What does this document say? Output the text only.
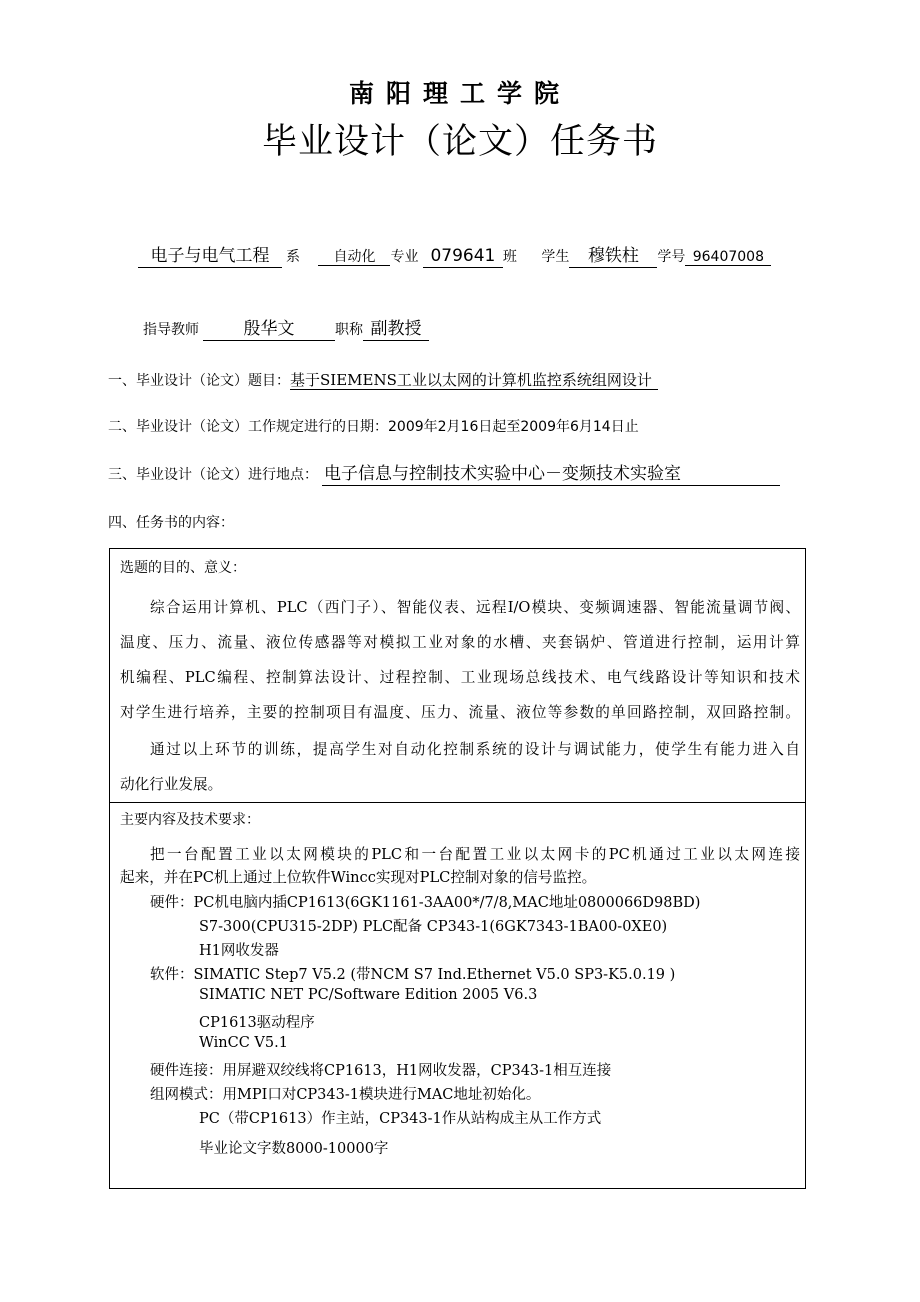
南阳理工学院
毕业设计（论文）任务书
电子与电气工程 系 自动化 专业 079641 班 学生 穆铁柱 学号 96407008
指导教师	殷华文	职称 副教授
一、毕业设计（论文）题目：基于SIEMENS工业以太网的计算机监控系统组网设计
二、毕业设计（论文）工作规定进行的日期：2009年2月16日起至2009年6月14日止
三、毕业设计（论文）进行地点： 电子信息与控制技术实验中心－变频技术实验室
四、任务书的内容：
选题的目的、意义：
综合运用计算机、PLC（西门子）、智能仪表、远程I/O模块、变频调速器、智能流量调节阀、
温度、压力、流量、液位传感器等对模拟工业对象的水槽、夹套锅炉、管道进行控制，运用计算
机编程、PLC编程、控制算法设计、过程控制、工业现场总线技术、电气线路设计等知识和技术
对学生进行培养，主要的控制项目有温度、压力、流量、液位等参数的单回路控制，双回路控制。
通过以上环节的训练，提高学生对自动化控制系统的设计与调试能力，使学生有能力进入自
动化行业发展。
主要内容及技术要求：
把一台配置工业以太网模块的PLC和一台配置工业以太网卡的PC机通过工业以太网连接
起来，并在PC机上通过上位软件Wincc实现对PLC控制对象的信号监控。
硬件：PC机电脑内插CP1613(6GK1161-3AA00*/7/8,MAC地址0800066D98BD)
S7-300(CPU315-2DP) PLC配备 CP343-1(6GK7343-1BA00-0XE0)
H1网收发器
软件：SIMATIC Step7 V5.2 (带NCM S7 Ind.Ethernet V5.0 SP3-K5.0.19 )
SIMATIC NET PC/Software Edition 2005 V6.3
CP1613驱动程序
WinCC V5.1
硬件连接：用屏避双绞线将CP1613，H1网收发器，CP343-1相互连接
组网模式：用MPI口对CP343-1模块进行MAC地址初始化。
PC（带CP1613）作主站，CP343-1作从站构成主从工作方式
毕业论文字数8000-10000字
